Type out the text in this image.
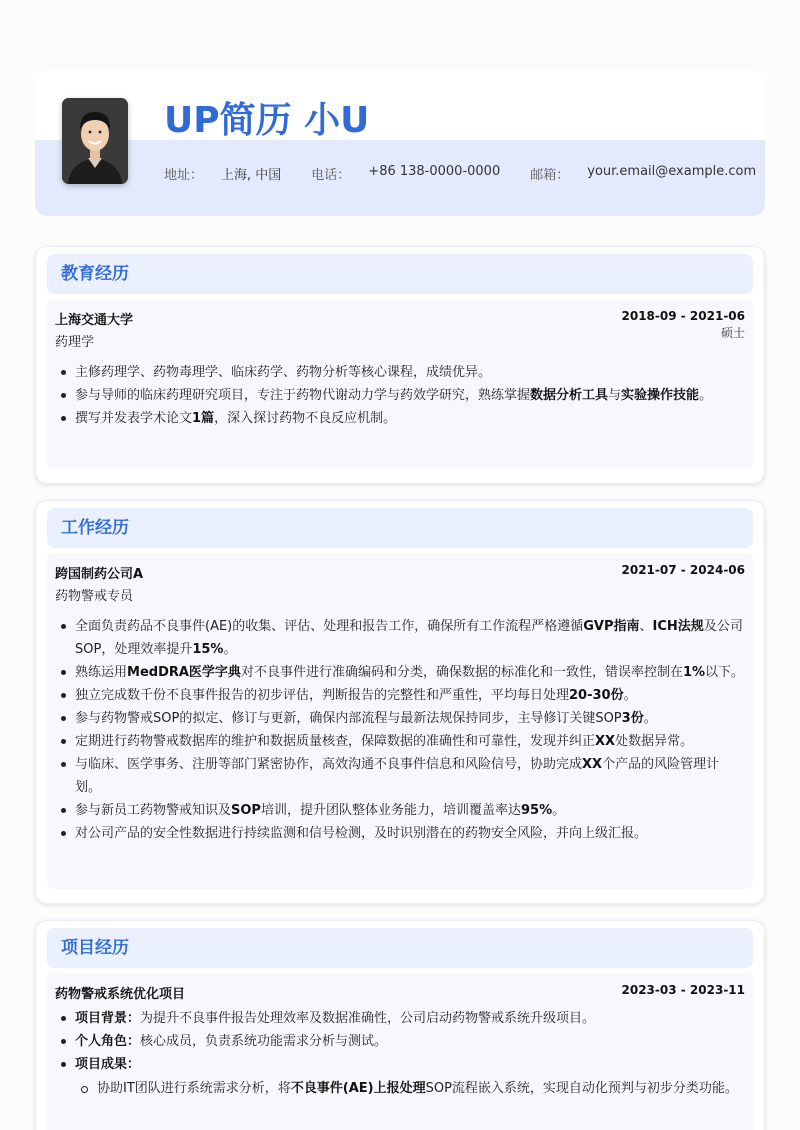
UP简历 小U
地址： 上海, 中国 电话： +86 138-0000-0000 邮箱： your.email@example.com
教育经历
上海交通大学	2018-09 - 2021-06
药理学
硕士
主修药理学、药物毒理学、临床药学、药物分析等核心课程，成绩优异。
参与导师的临床药理研究项目，专注于药物代谢动力学与药效学研究，熟练掌握数据分析工具与实验操作技能。
撰写并发表学术论文1篇，深入探讨药物不良反应机制。
工作经历
跨国制药公司A	2021-07 - 2024-06
药物警戒专员
全面负责药品不良事件(AE)的收集、评估、处理和报告工作，确保所有工作流程严格遵循GVP指南、ICH法规及公司SOP，处理效率提升15%。
熟练运用MedDRA医学字典对不良事件进行准确编码和分类，确保数据的标准化和一致性，错误率控制在1%以下。
独立完成数千份不良事件报告的初步评估，判断报告的完整性和严重性，平均每日处理20-30份。
参与药物警戒SOP的拟定、修订与更新，确保内部流程与最新法规保持同步，主导修订关键SOP3份。
定期进行药物警戒数据库的维护和数据质量核查，保障数据的准确性和可靠性，发现并纠正XX处数据异常。
与临床、医学事务、注册等部门紧密协作，高效沟通不良事件信息和风险信号，协助完成XX个产品的风险管理计划。
参与新员工药物警戒知识及SOP培训，提升团队整体业务能力，培训覆盖率达95%。
对公司产品的安全性数据进行持续监测和信号检测，及时识别潜在的药物安全风险，并向上级汇报。
项目经历
药物警戒系统优化项目	2023-03 - 2023-11
项目背景：为提升不良事件报告处理效率及数据准确性，公司启动药物警戒系统升级项目。
个人角色：核心成员，负责系统功能需求分析与测试。
项目成果：
协助IT团队进行系统需求分析，将不良事件(AE)上报处理SOP流程嵌入系统，实现自动化预判与初步分类功能。
